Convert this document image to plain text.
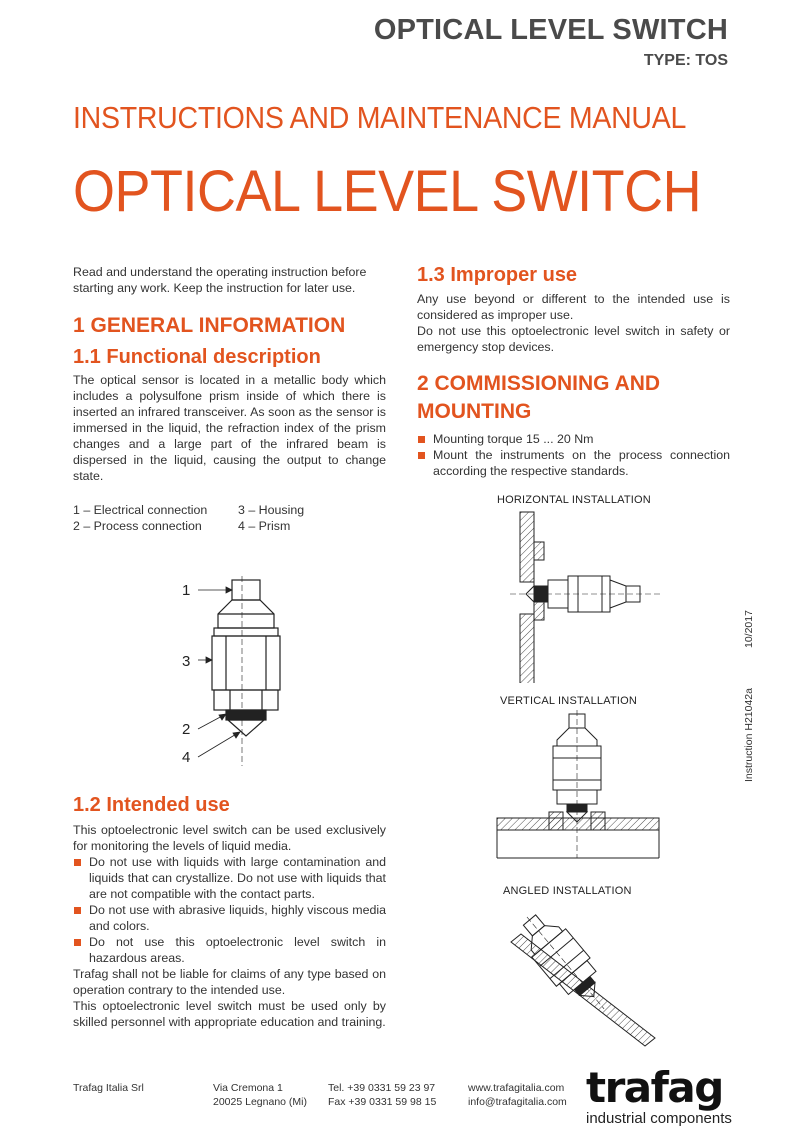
OPTICAL LEVEL SWITCH
TYPE: TOS
INSTRUCTIONS AND MAINTENANCE MANUAL
OPTICAL LEVEL SWITCH

Read and understand the operating instruction before starting any work. Keep the instruction for later use.

1 GENERAL INFORMATION
1.1 Functional description

The optical sensor is located in a metallic body which includes a polysulfone prism inside of which there is inserted an infrared transceiver. As soon as the sensor is immersed in the liquid, the refraction index of the prism changes and a large part of the infrared beam is dispersed in the liquid, causing the output to change state.

1 – Electrical connection	3 – Housing
2 – Process connection	4 – Prism
1
3
2
4
1.2 Intended use

This optoelectronic level switch can be used exclusively for monitoring the levels of liquid media.

Do not use with liquids with large contamination and liquids that can crystallize. Do not use with liquids that are not compatible with the contact parts.
Do not use with abrasive liquids, highly viscous media and colors.
Do not use this optoelectronic level switch in hazardous areas.

Trafag shall not be liable for claims of any type based on operation contrary to the intended use.

This optoelectronic level switch must be used only by skilled personnel with appropriate education and training.

1.3 Improper use

Any use beyond or different to the intended use is considered as improper use.

Do not use this optoelectronic level switch in safety or emergency stop devices.

2 COMMISSIONING AND
MOUNTING
Mounting torque 15 ... 20 Nm
Mount the instruments on the process connection according the respective standards.
HORIZONTAL INSTALLATION
10/2017
Instruction H21042a
VERTICAL INSTALLATION
ANGLED INSTALLATION
Trafag Italia Srl	Via Cremona 1
20025 Legnano (Mi)
Tel. +39 0331 59 23 97
Fax +39 0331 59 98 15
www.trafagitalia.com
info@trafagitalia.com trafag
industrial components
